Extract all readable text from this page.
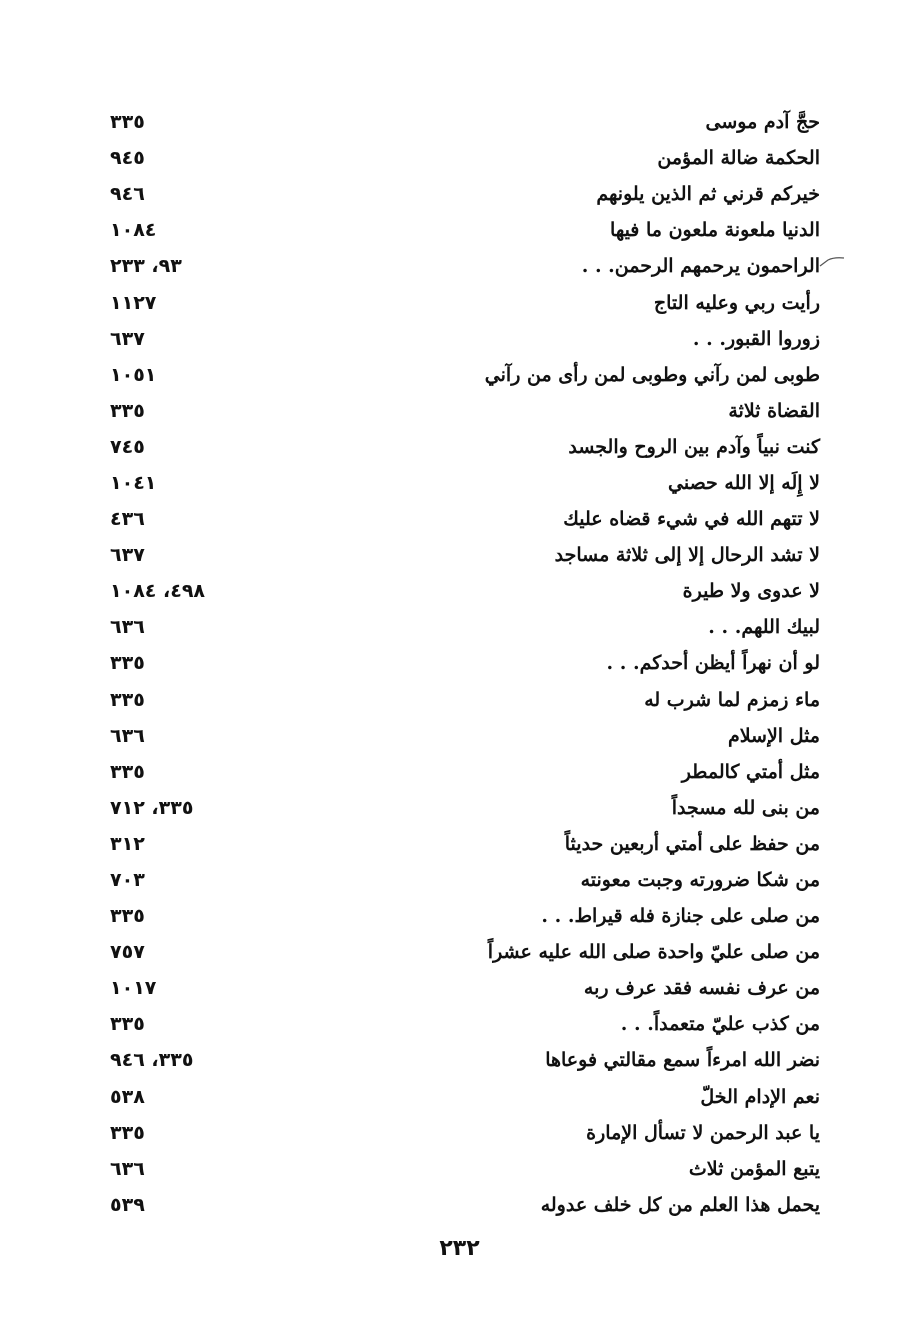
حجَّ آدم موسى
٣٣٥
الحكمة ضالة المؤمن
٩٤٥
خيركم قرني ثم الذين يلونهم
٩٤٦
الدنيا ملعونة ملعون ما فيها
١٠٨٤
الراحمون يرحمهم الرحمن. . .
٩٣، ٢٣٣
رأيت ربي وعليه التاج
١١٢٧
زوروا القبور. . .
٦٣٧
طوبى لمن رآني وطوبى لمن رأى من رآني
١٠٥١
القضاة ثلاثة
٣٣٥
كنت نبياً وآدم بين الروح والجسد
٧٤٥
لا إِلَه إلا الله حصني
١٠٤١
لا تتهم الله في شيء قضاه عليك
٤٣٦
لا تشد الرحال إلا إلى ثلاثة مساجد
٦٣٧
لا عدوى ولا طيرة
٤٩٨، ١٠٨٤
لبيك اللهم. . .
٦٣٦
لو أن نهراً أيظن أحدكم. . .
٣٣٥
ماء زمزم لما شرب له
٣٣٥
مثل الإسلام
٦٣٦
مثل أمتي كالمطر
٣٣٥
من بنى لله مسجداً
٣٣٥، ٧١٢
من حفظ على أمتي أربعين حديثاً
٣١٢
من شكا ضرورته وجبت معونته
٧٠٣
من صلى على جنازة فله قيراط. . .
٣٣٥
من صلى عليّ واحدة صلى الله عليه عشراً
٧٥٧
من عرف نفسه فقد عرف ربه
١٠١٧
من كذب عليّ متعمداً. . .
٣٣٥
نضر الله امرءاً سمع مقالتي فوعاها
٣٣٥، ٩٤٦
نعم الإدام الخلّ
٥٣٨
يا عبد الرحمن لا تسأل الإمارة
٣٣٥
يتبع المؤمن ثلاث
٦٣٦
يحمل هذا العلم من كل خلف عدوله
٥٣٩
٢٣٢
